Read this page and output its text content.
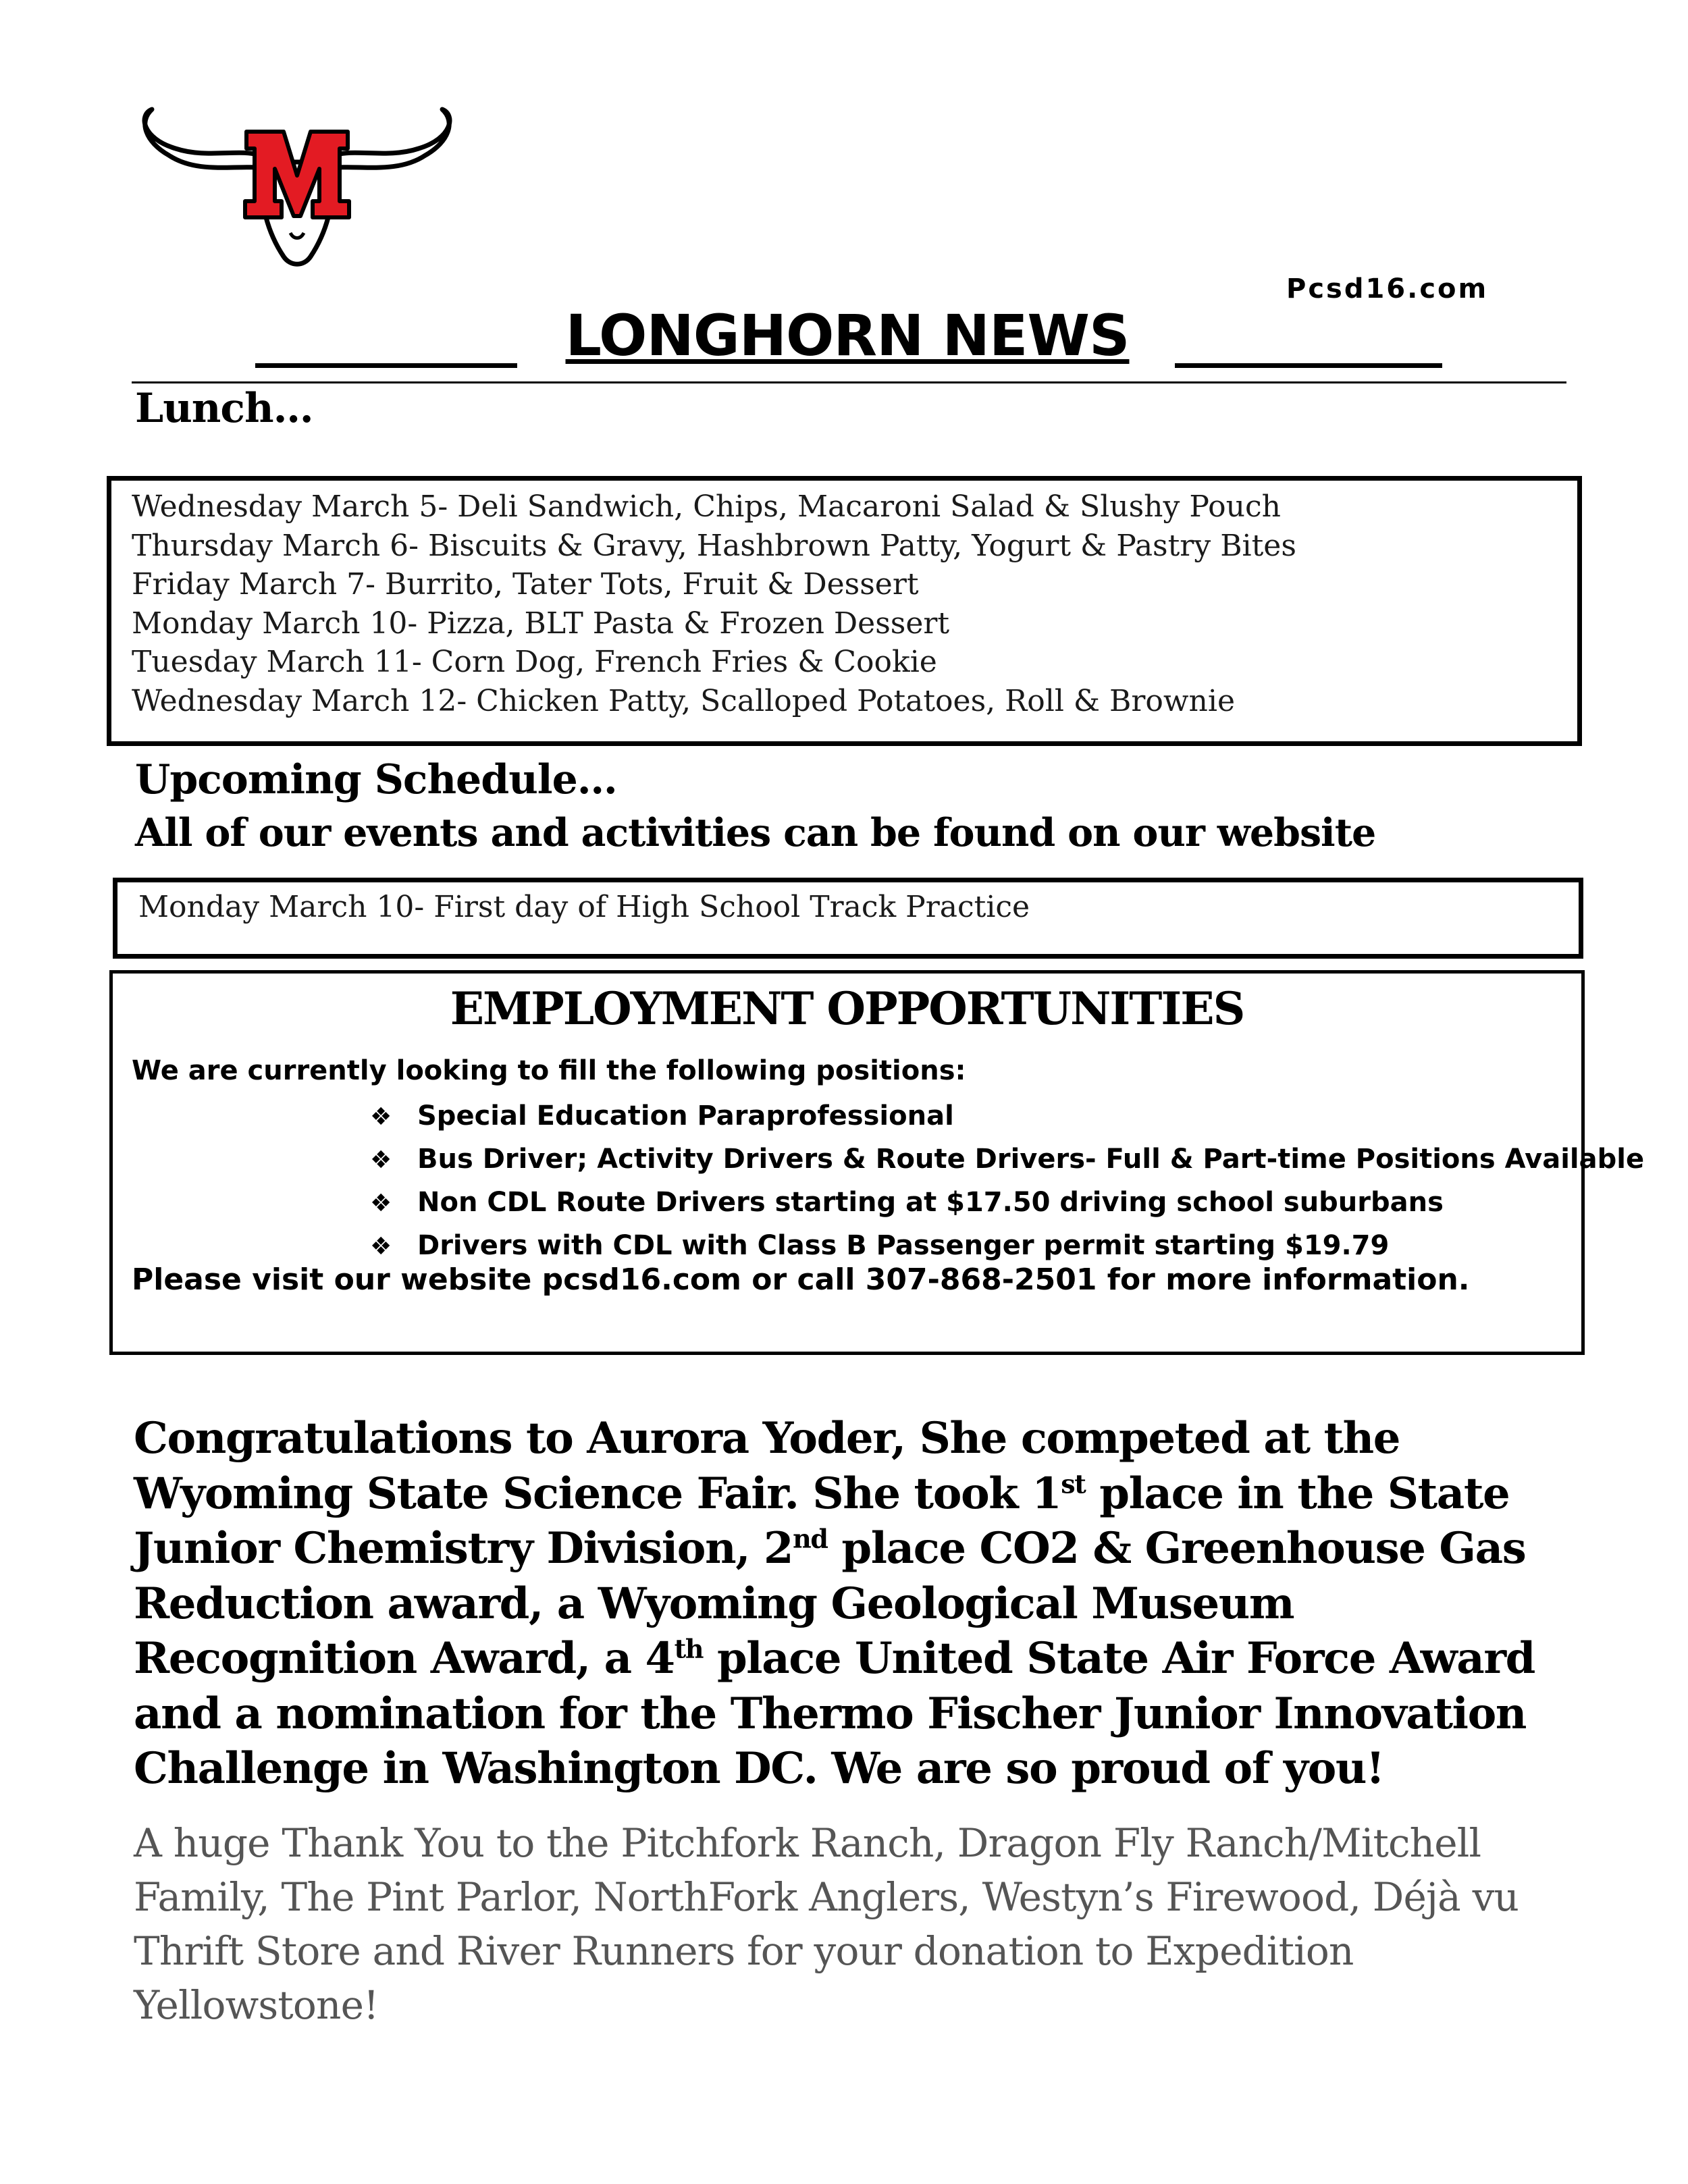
Pcsd16.com
LONGHORN NEWS
Lunch…
Wednesday March 5- Deli Sandwich, Chips, Macaroni Salad & Slushy Pouch
Thursday March 6- Biscuits & Gravy, Hashbrown Patty, Yogurt & Pastry Bites
Friday March 7- Burrito, Tater Tots, Fruit & Dessert
Monday March 10- Pizza, BLT Pasta & Frozen Dessert
Tuesday March 11- Corn Dog, French Fries & Cookie
Wednesday March 12- Chicken Patty, Scalloped Potatoes, Roll & Brownie
Upcoming Schedule…
All of our events and activities can be found on our website
Monday March 10- First day of High School Track Practice
EMPLOYMENT OPPORTUNITIES
We are currently looking to fill the following positions:
❖ Special Education Paraprofessional
❖ Bus Driver; Activity Drivers & Route Drivers- Full & Part-time Positions Available
❖ Non CDL Route Drivers starting at $17.50 driving school suburbans
❖ Drivers with CDL with Class B Passenger permit starting $19.79
Please visit our website pcsd16.com or call 307-868-2501 for more information.

Congratulations to Aurora Yoder, She competed at the Wyoming State Science Fair. She took 1st place in the State Junior Chemistry Division, 2nd place CO2 & Greenhouse Gas Reduction award, a Wyoming Geological Museum Recognition Award, a 4th place United State Air Force Award and a nomination for the Thermo Fischer Junior Innovation Challenge in Washington DC. We are so proud of you!

A huge Thank You to the Pitchfork Ranch, Dragon Fly Ranch/Mitchell Family, The Pint Parlor, NorthFork Anglers, Westyn’s Firewood, Déjà vu Thrift Store and River Runners for your donation to Expedition Yellowstone!
